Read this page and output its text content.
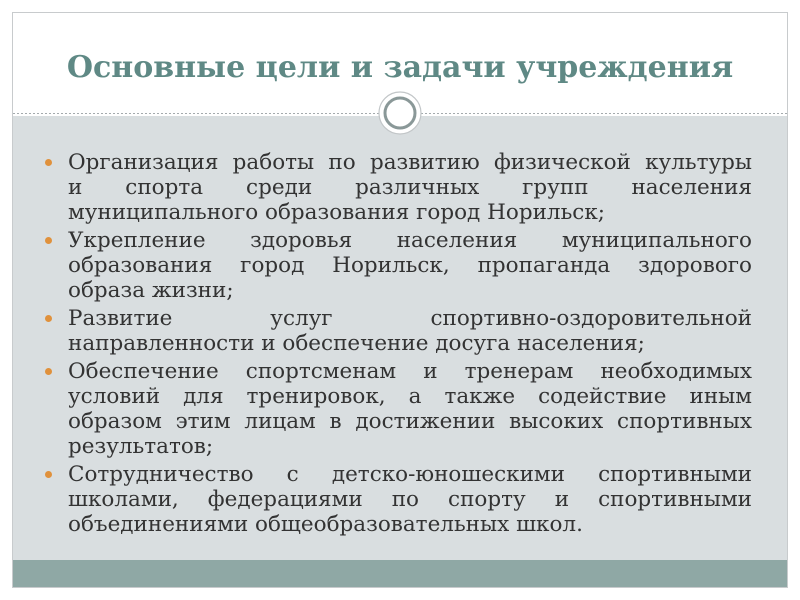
Основные цели и задачи учреждения
Организация работы по развитию физической культуры
и спорта среди различных групп населения
муниципального образования город Норильск;
Укрепление здоровья населения муниципального
образования город Норильск, пропаганда здорового
образа жизни;
Развитие услуг спортивно-оздоровительной
направленности и обеспечение досуга населения;
Обеспечение спортсменам и тренерам необходимых
условий для тренировок, а также содействие иным
образом этим лицам в достижении высоких спортивных
результатов;
Сотрудничество с детско-юношескими спортивными
школами, федерациями по спорту и спортивными
объединениями общеобразовательных школ.
